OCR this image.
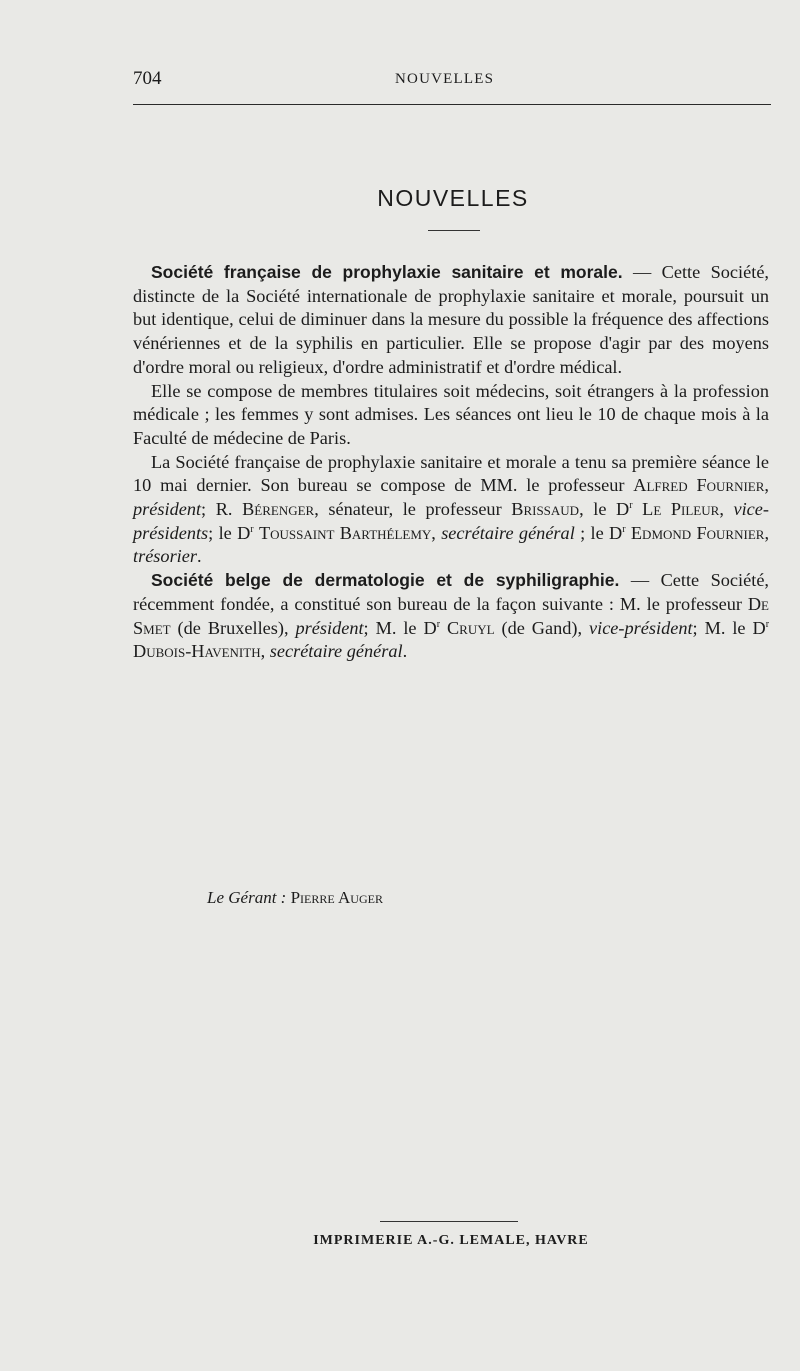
704	NOUVELLES
NOUVELLES

Société française de prophylaxie sanitaire et morale. — Cette Société, distincte de la Société internationale de prophylaxie sanitaire et morale, poursuit un but identique, celui de diminuer dans la mesure du possible la fréquence des affections vénériennes et de la syphilis en particulier. Elle se propose d'agir par des moyens d'ordre moral ou religieux, d'ordre administratif et d'ordre médical.

Elle se compose de membres titulaires soit médecins, soit étrangers à la profession médicale ; les femmes y sont admises. Les séances ont lieu le 10 de chaque mois à la Faculté de médecine de Paris.

La Société française de prophylaxie sanitaire et morale a tenu sa première séance le 10 mai dernier. Son bureau se compose de MM. le professeur Alfred Fournier, président; R. Bérenger, sénateur, le professeur Brissaud, le $D^r$ Le Pileur, vice-présidents; le $D^r$ Toussaint Barthélemy, secrétaire général ; le $D^r$ Edmond Fournier, trésorier.

Société belge de dermatologie et de syphiligraphie. — Cette Société, récemment fondée, a constitué son bureau de la façon suivante : M. le professeur De Smet (de Bruxelles), président; M. le $D^r$ Cruyl (de Gand), vice-président; M. le $D^r$ Dubois-Havenith, secrétaire général.

Le Gérant : Pierre Auger
IMPRIMERIE A.-G. LEMALE, HAVRE
